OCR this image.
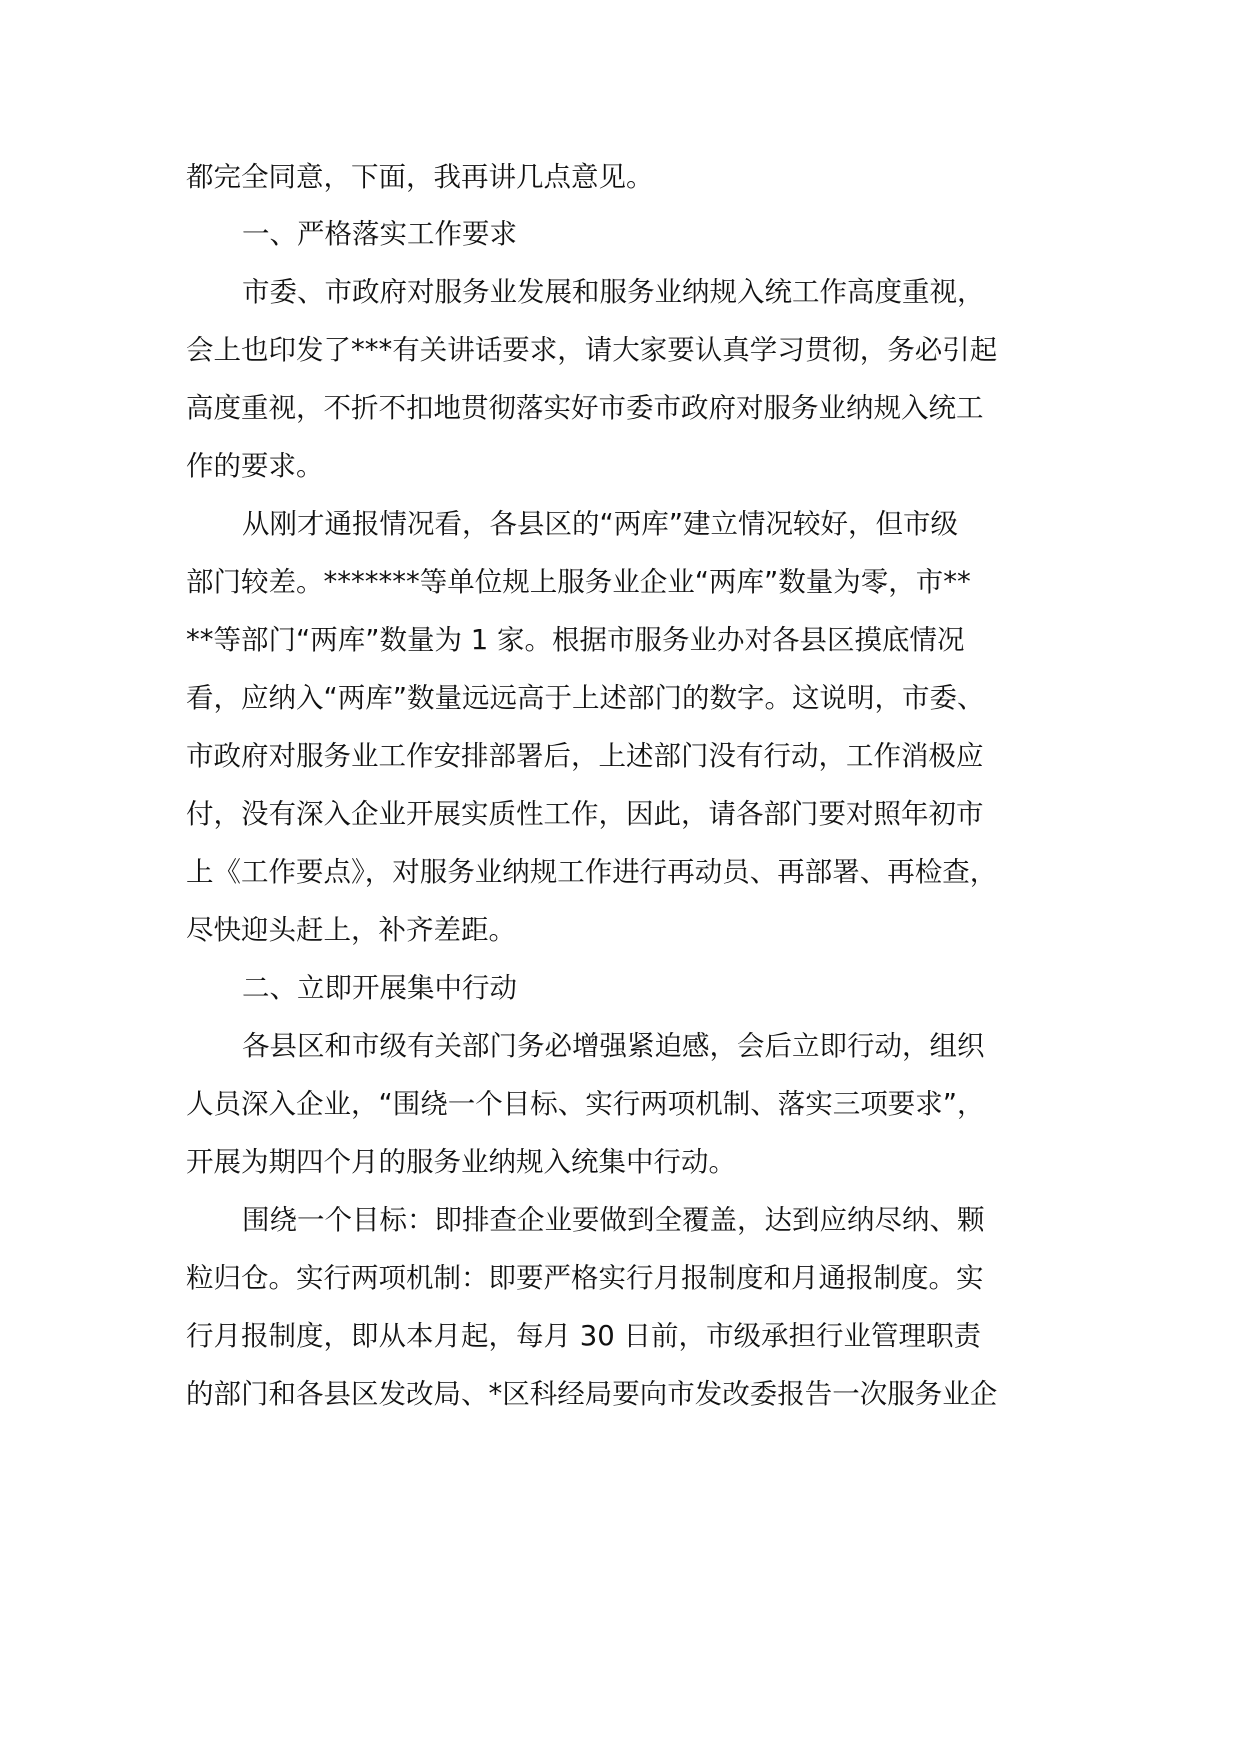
都完全同意，下面，我再讲几点意见。

一、严格落实工作要求

市委、市政府对服务业发展和服务业纳规入统工作高度重视，

会上也印发了***有关讲话要求，请大家要认真学习贯彻，务必引起

高度重视，不折不扣地贯彻落实好市委市政府对服务业纳规入统工

作的要求。

从刚才通报情况看，各县区的“两库”建立情况较好，但市级

部门较差。*******等单位规上服务业企业“两库”数量为零，市**

**等部门“两库”数量为 1 家。根据市服务业办对各县区摸底情况

看，应纳入“两库”数量远远高于上述部门的数字。这说明，市委、

市政府对服务业工作安排部署后，上述部门没有行动，工作消极应

付，没有深入企业开展实质性工作，因此，请各部门要对照年初市

上《工作要点》，对服务业纳规工作进行再动员、再部署、再检查，

尽快迎头赶上，补齐差距。

二、立即开展集中行动

各县区和市级有关部门务必增强紧迫感，会后立即行动，组织

人员深入企业，“围绕一个目标、实行两项机制、落实三项要求”，

开展为期四个月的服务业纳规入统集中行动。

围绕一个目标：即排查企业要做到全覆盖，达到应纳尽纳、颗

粒归仓。实行两项机制：即要严格实行月报制度和月通报制度。实

行月报制度，即从本月起，每月 30 日前，市级承担行业管理职责

的部门和各县区发改局、*区科经局要向市发改委报告一次服务业企
